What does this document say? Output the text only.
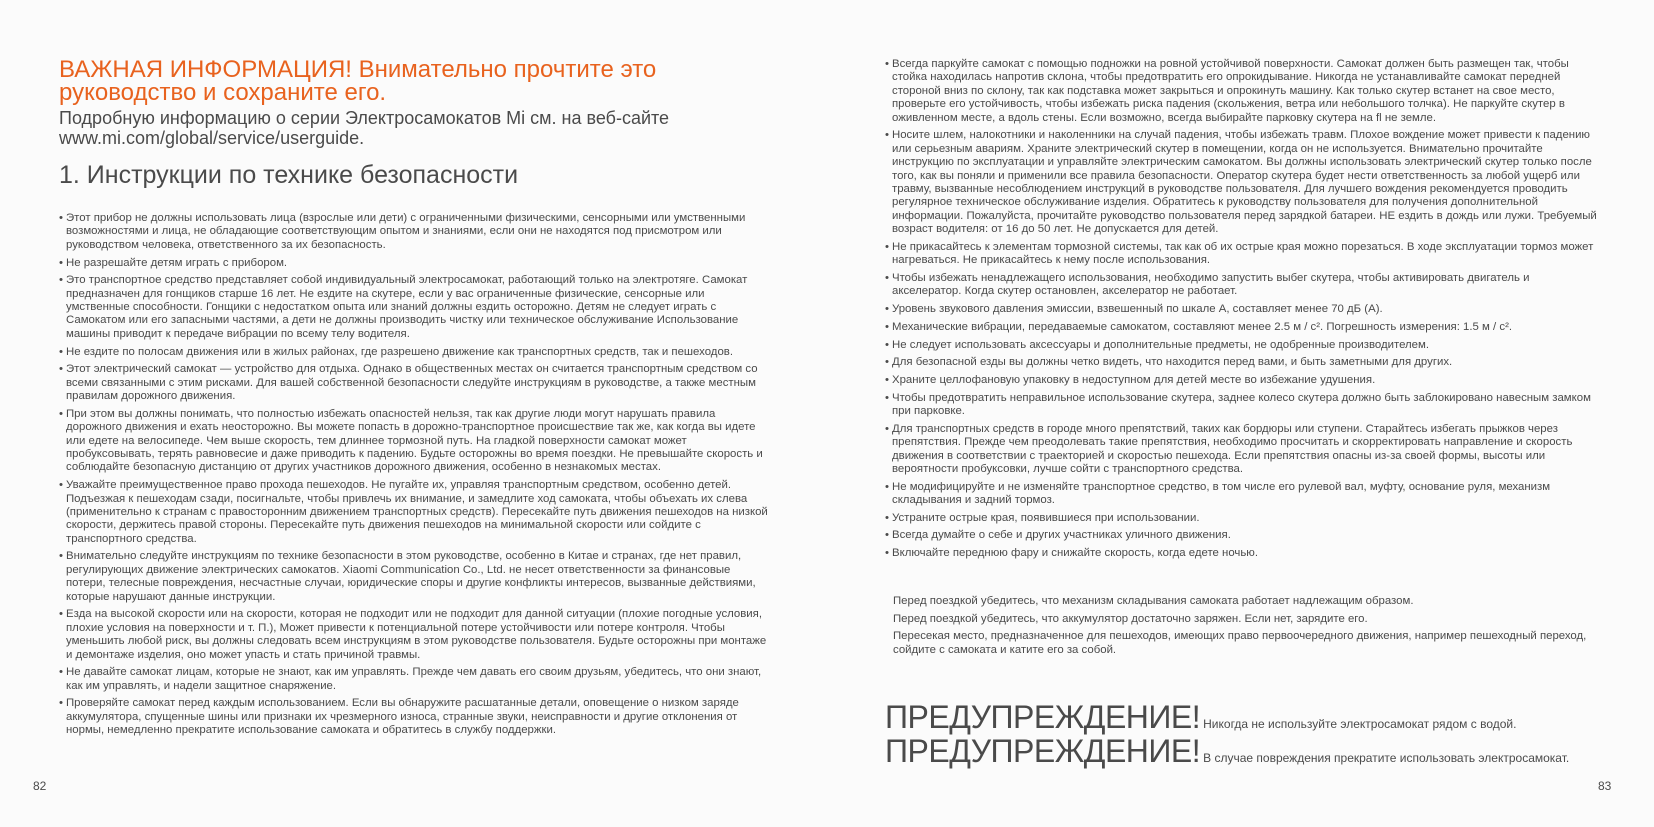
ВАЖНАЯ ИНФОРМАЦИЯ! Внимательно прочтите это руководство и сохраните его.

Подробную информацию о серии Электросамокатов Mi см. на веб-сайте www.mi.com/global/service/userguide.

1. Инструкции по технике безопасности
• Этот прибор не должны использовать лица (взрослые или дети) с ограниченными физическими, сенсорными или умственными возможностями и лица, не обладающие соответствующим опытом и знаниями, если они не находятся под присмотром или руководством человека, ответственного за их безопасность.
• Не разрешайте детям играть с прибором.
• Это транспортное средство представляет собой индивидуальный электросамокат, работающий только на электротяге. Самокат предназначен для гонщиков старше 16 лет. Не ездите на скутере, если у вас ограниченные физические, сенсорные или умственные способности. Гонщики с недостатком опыта или знаний должны ездить осторожно. Детям не следует играть с Самокатом или его запасными частями, а дети не должны производить чистку или техническое обслуживание Использование машины приводит к передаче вибрации по всему телу водителя.
• Не ездите по полосам движения или в жилых районах, где разрешено движение как транспортных средств, так и пешеходов.
• Этот электрический самокат — устройство для отдыха. Однако в общественных местах он считается транспортным средством со всеми связанными с этим рисками. Для вашей собственной безопасности следуйте инструкциям в руководстве, а также местным правилам дорожного движения.
• При этом вы должны понимать, что полностью избежать опасностей нельзя, так как другие люди могут нарушать правила дорожного движения и ехать неосторожно. Вы можете попасть в дорожно-транспортное происшествие так же, как когда вы идете или едете на велосипеде. Чем выше скорость, тем длиннее тормозной путь. На гладкой поверхности самокат может пробуксовывать, терять равновесие и даже приводить к падению. Будьте осторожны во время поездки. Не превышайте скорость и соблюдайте безопасную дистанцию от других участников дорожного движения, особенно в незнакомых местах.
• Уважайте преимущественное право прохода пешеходов. Не пугайте их, управляя транспортным средством, особенно детей. Подъезжая к пешеходам сзади, посигнальте, чтобы привлечь их внимание, и замедлите ход самоката, чтобы объехать их слева (применительно к странам с правосторонним движением транспортных средств). Пересекайте путь движения пешеходов на низкой скорости, держитесь правой стороны. Пересекайте путь движения пешеходов на минимальной скорости или сойдите с транспортного средства.
• Внимательно следуйте инструкциям по технике безопасности в этом руководстве, особенно в Китае и странах, где нет правил, регулирующих движение электрических самокатов. Xiaomi Communication Co., Ltd. не несет ответственности за финансовые потери, телесные повреждения, несчастные случаи, юридические споры и другие конфликты интересов, вызванные действиями, которые нарушают данные инструкции.
• Езда на высокой скорости или на скорости, которая не подходит или не подходит для данной ситуации (плохие погодные условия, плохие условия на поверхности и т. П.), Может привести к потенциальной потере устойчивости или потере контроля. Чтобы уменьшить любой риск, вы должны следовать всем инструкциям в этом руководстве пользователя. Будьте осторожны при монтаже и демонтаже изделия, оно может упасть и стать причиной травмы.
• Не давайте самокат лицам, которые не знают, как им управлять. Прежде чем давать его своим друзьям, убедитесь, что они знают, как им управлять, и надели защитное снаряжение.
• Проверяйте самокат перед каждым использованием. Если вы обнаружите расшатанные детали, оповещение о низком заряде аккумулятора, спущенные шины или признаки их чрезмерного износа, странные звуки, неисправности и другие отклонения от нормы, немедленно прекратите использование самоката и обратитесь в службу поддержки.
82
• Всегда паркуйте самокат с помощью подножки на ровной устойчивой поверхности. Самокат должен быть размещен так, чтобы стойка находилась напротив склона, чтобы предотвратить его опрокидывание. Никогда не устанавливайте самокат передней стороной вниз по склону, так как подставка может закрыться и опрокинуть машину. Как только скутер встанет на свое место, проверьте его устойчивость, чтобы избежать риска падения (скольжения, ветра или небольшого толчка). Не паркуйте скутер в оживленном месте, а вдоль стены. Если возможно, всегда выбирайте парковку скутера на fl не земле.
• Носите шлем, налокотники и наколенники на случай падения, чтобы избежать травм. Плохое вождение может привести к падению или серьезным авариям. Храните электрический скутер в помещении, когда он не используется. Внимательно прочитайте инструкцию по эксплуатации и управляйте электрическим самокатом. Вы должны использовать электрический скутер только после того, как вы поняли и применили все правила безопасности. Оператор скутера будет нести ответственность за любой ущерб или травму, вызванные несоблюдением инструкций в руководстве пользователя. Для лучшего вождения рекомендуется проводить регулярное техническое обслуживание изделия. Обратитесь к руководству пользователя для получения дополнительной информации. Пожалуйста, прочитайте руководство пользователя перед зарядкой батареи. НЕ ездить в дождь или лужи. Требуемый возраст водителя: от 16 до 50 лет. Не допускается для детей.
• Не прикасайтесь к элементам тормозной системы, так как об их острые края можно порезаться. В ходе эксплуатации тормоз может нагреваться. Не прикасайтесь к нему после использования.
• Чтобы избежать ненадлежащего использования, необходимо запустить выбег скутера, чтобы активировать двигатель и акселератор. Когда скутер остановлен, акселератор не работает.
• Уровень звукового давления эмиссии, взвешенный по шкале А, составляет менее 70 дБ (А).
• Механические вибрации, передаваемые самокатом, составляют менее 2.5 м / с². Погрешность измерения: 1.5 м / с².
• Не следует использовать аксессуары и дополнительные предметы, не одобренные производителем.
• Для безопасной езды вы должны четко видеть, что находится перед вами, и быть заметными для других.
• Храните целлофановую упаковку в недоступном для детей месте во избежание удушения.
• Чтобы предотвратить неправильное использование скутера, заднее колесо скутера должно быть заблокировано навесным замком при парковке.
• Для транспортных средств в городе много препятствий, таких как бордюры или ступени. Старайтесь избегать прыжков через препятствия. Прежде чем преодолевать такие препятствия, необходимо просчитать и скорректировать направление и скорость движения в соответствии с траекторией и скоростью пешехода. Если препятствия опасны из-за своей формы, высоты или вероятности пробуксовки, лучше сойти с транспортного средства.
• Не модифицируйте и не изменяйте транспортное средство, в том числе его рулевой вал, муфту, основание руля, механизм складывания и задний тормоз.
• Устраните острые края, появившиеся при использовании.
• Всегда думайте о себе и других участниках уличного движения.
• Включайте переднюю фару и снижайте скорость, когда едете ночью.
Перед поездкой убедитесь, что механизм складывания самоката работает надлежащим образом.
Перед поездкой убедитесь, что аккумулятор достаточно заряжен. Если нет, зарядите его.
Пересекая место, предназначенное для пешеходов, имеющих право первоочередного движения, например пешеходный переход, сойдите с самоката и катите его за собой.
ПРЕДУПРЕЖДЕНИЕ! Никогда не используйте электросамокат рядом с водой.
ПРЕДУПРЕЖДЕНИЕ! В случае повреждения прекратите использовать электросамокат.
83
